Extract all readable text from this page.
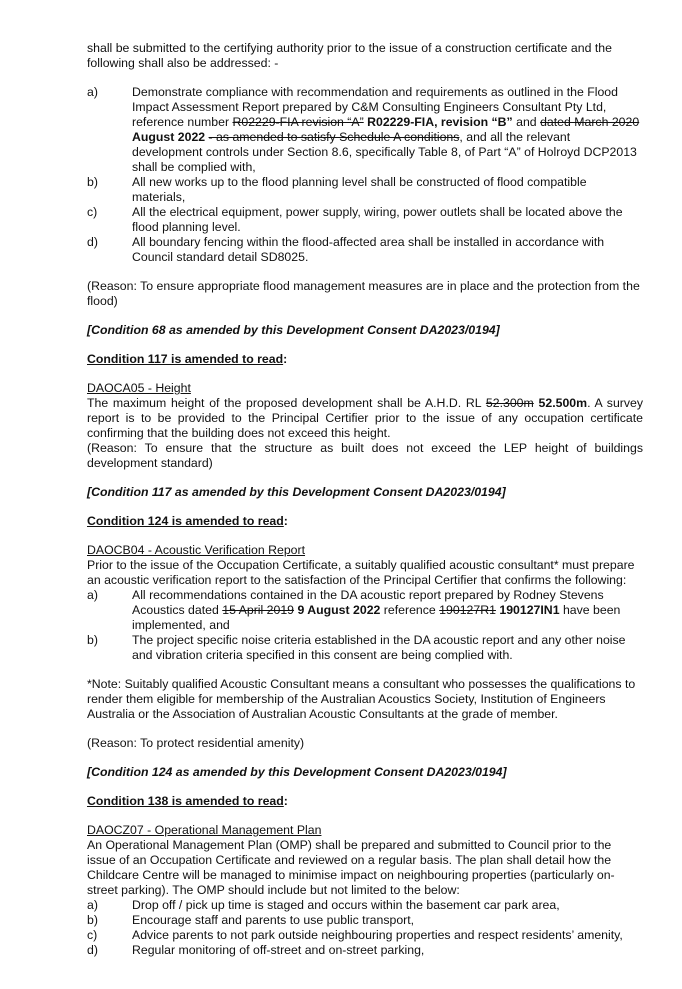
shall be submitted to the certifying authority prior to the issue of a construction certificate and the following shall also be addressed: -

a)	Demonstrate compliance with recommendation and requirements as outlined in the Flood Impact Assessment Report prepared by C&M Consulting Engineers Consultant Pty Ltd, reference number R02229-FIA revision “A” R02229-FIA, revision “B” and dated March 2020 August 2022 - as amended to satisfy Schedule A conditions, and all the relevant development controls under Section 8.6, specifically Table 8, of Part “A” of Holroyd DCP2013 shall be complied with,
b)	All new works up to the flood planning level shall be constructed of flood compatible materials,
c)	All the electrical equipment, power supply, wiring, power outlets shall be located above the flood planning level.
d)	All boundary fencing within the flood-affected area shall be installed in accordance with Council standard detail SD8025.

(Reason: To ensure appropriate flood management measures are in place and the protection from the flood)

[Condition 68 as amended by this Development Consent DA2023/0194]

Condition 117 is amended to read:

DAOCA05 - Height

The maximum height of the proposed development shall be A.H.D. RL 52.300m 52.500m. A survey report is to be provided to the Principal Certifier prior to the issue of any occupation certificate confirming that the building does not exceed this height.

(Reason: To ensure that the structure as built does not exceed the LEP height of buildings development standard)

[Condition 117 as amended by this Development Consent DA2023/0194]

Condition 124 is amended to read:

DAOCB04 - Acoustic Verification Report

Prior to the issue of the Occupation Certificate, a suitably qualified acoustic consultant* must prepare an acoustic verification report to the satisfaction of the Principal Certifier that confirms the following:

a)	All recommendations contained in the DA acoustic report prepared by Rodney Stevens Acoustics dated 15 April 2019 9 August 2022 reference 190127R1 190127IN1 have been implemented, and
b)	The project specific noise criteria established in the DA acoustic report and any other noise and vibration criteria specified in this consent are being complied with.

*Note: Suitably qualified Acoustic Consultant means a consultant who possesses the qualifications to render them eligible for membership of the Australian Acoustics Society, Institution of Engineers Australia or the Association of Australian Acoustic Consultants at the grade of member.

(Reason: To protect residential amenity)

[Condition 124 as amended by this Development Consent DA2023/0194]

Condition 138 is amended to read:

DAOCZ07 - Operational Management Plan

An Operational Management Plan (OMP) shall be prepared and submitted to Council prior to the issue of an Occupation Certificate and reviewed on a regular basis. The plan shall detail how the Childcare Centre will be managed to minimise impact on neighbouring properties (particularly on-street parking). The OMP should include but not limited to the below:

a)	Drop off / pick up time is staged and occurs within the basement car park area,
b)	Encourage staff and parents to use public transport,
c)	Advice parents to not park outside neighbouring properties and respect residents’ amenity,
d)	Regular monitoring of off-street and on-street parking,
